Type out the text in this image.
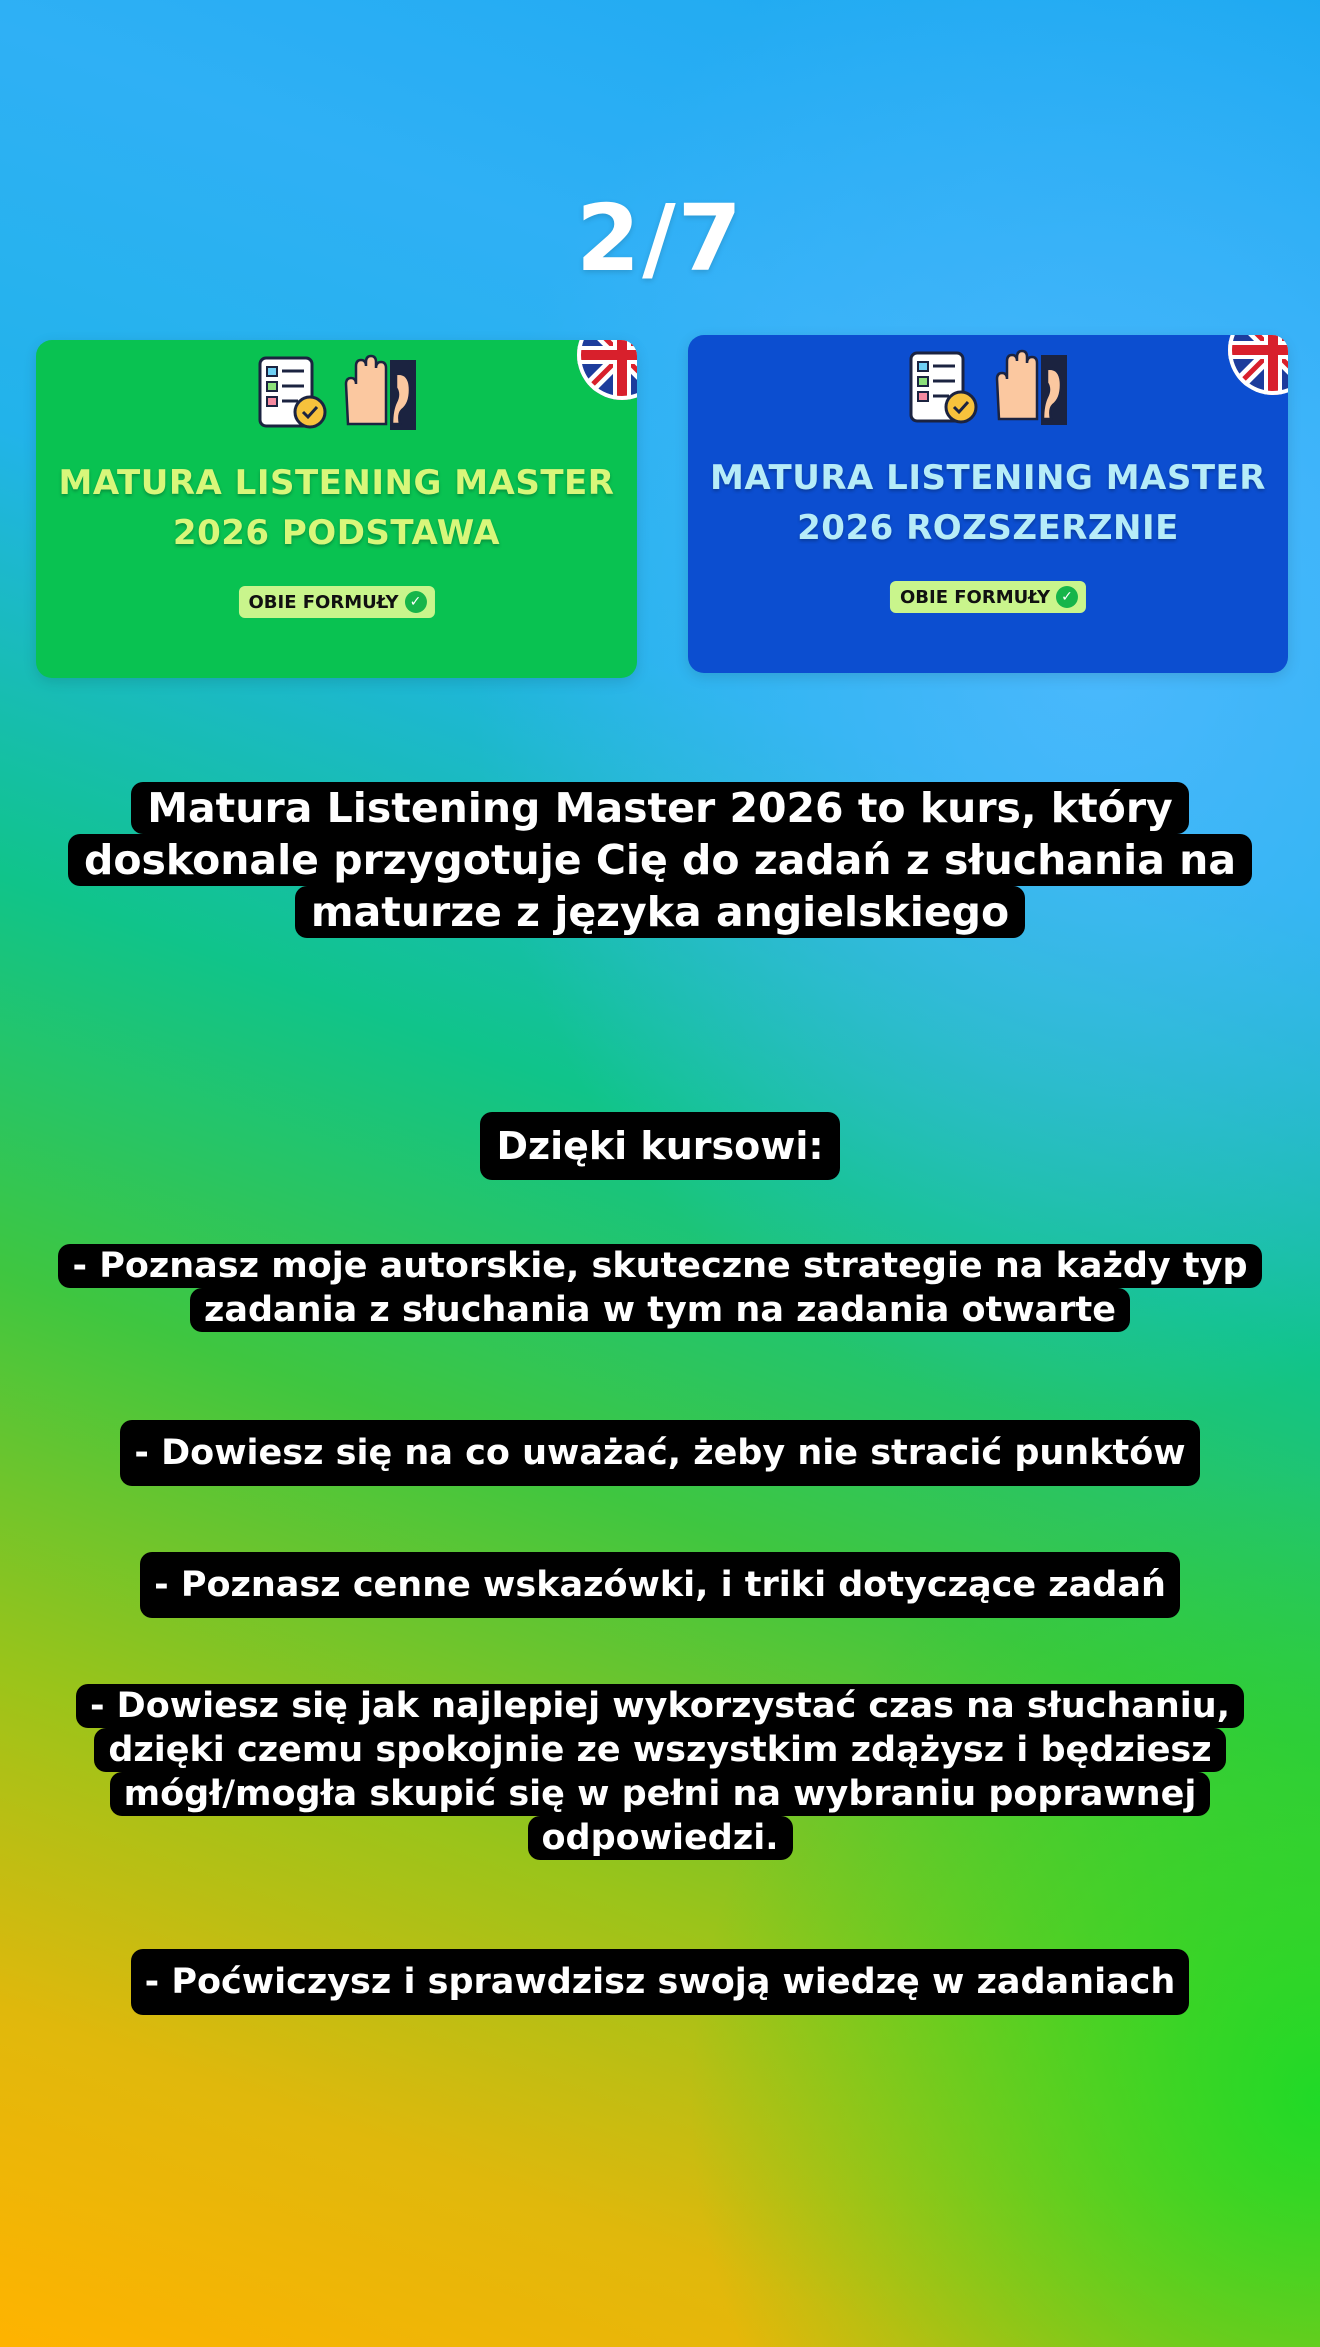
2/7
MATURA LISTENING MASTER
2026 PODSTAWA
OBIE FORMUŁY ✓
MATURA LISTENING MASTER
2026 ROZSZERZNIE
OBIE FORMUŁY ✓
Matura Listening Master 2026 to kurs, który
doskonale przygotuje Cię do zadań z słuchania na
maturze z języka angielskiego
Dzięki kursowi:
- Poznasz moje autorskie, skuteczne strategie na każdy typ
zadania z słuchania w tym na zadania otwarte
- Dowiesz się na co uważać, żeby nie stracić punktów
- Poznasz cenne wskazówki, i triki dotyczące zadań
- Dowiesz się jak najlepiej wykorzystać czas na słuchaniu,
dzięki czemu spokojnie ze wszystkim zdążysz i będziesz
mógł/mogła skupić się w pełni na wybraniu poprawnej
odpowiedzi.
- Poćwiczysz i sprawdzisz swoją wiedzę w zadaniach
